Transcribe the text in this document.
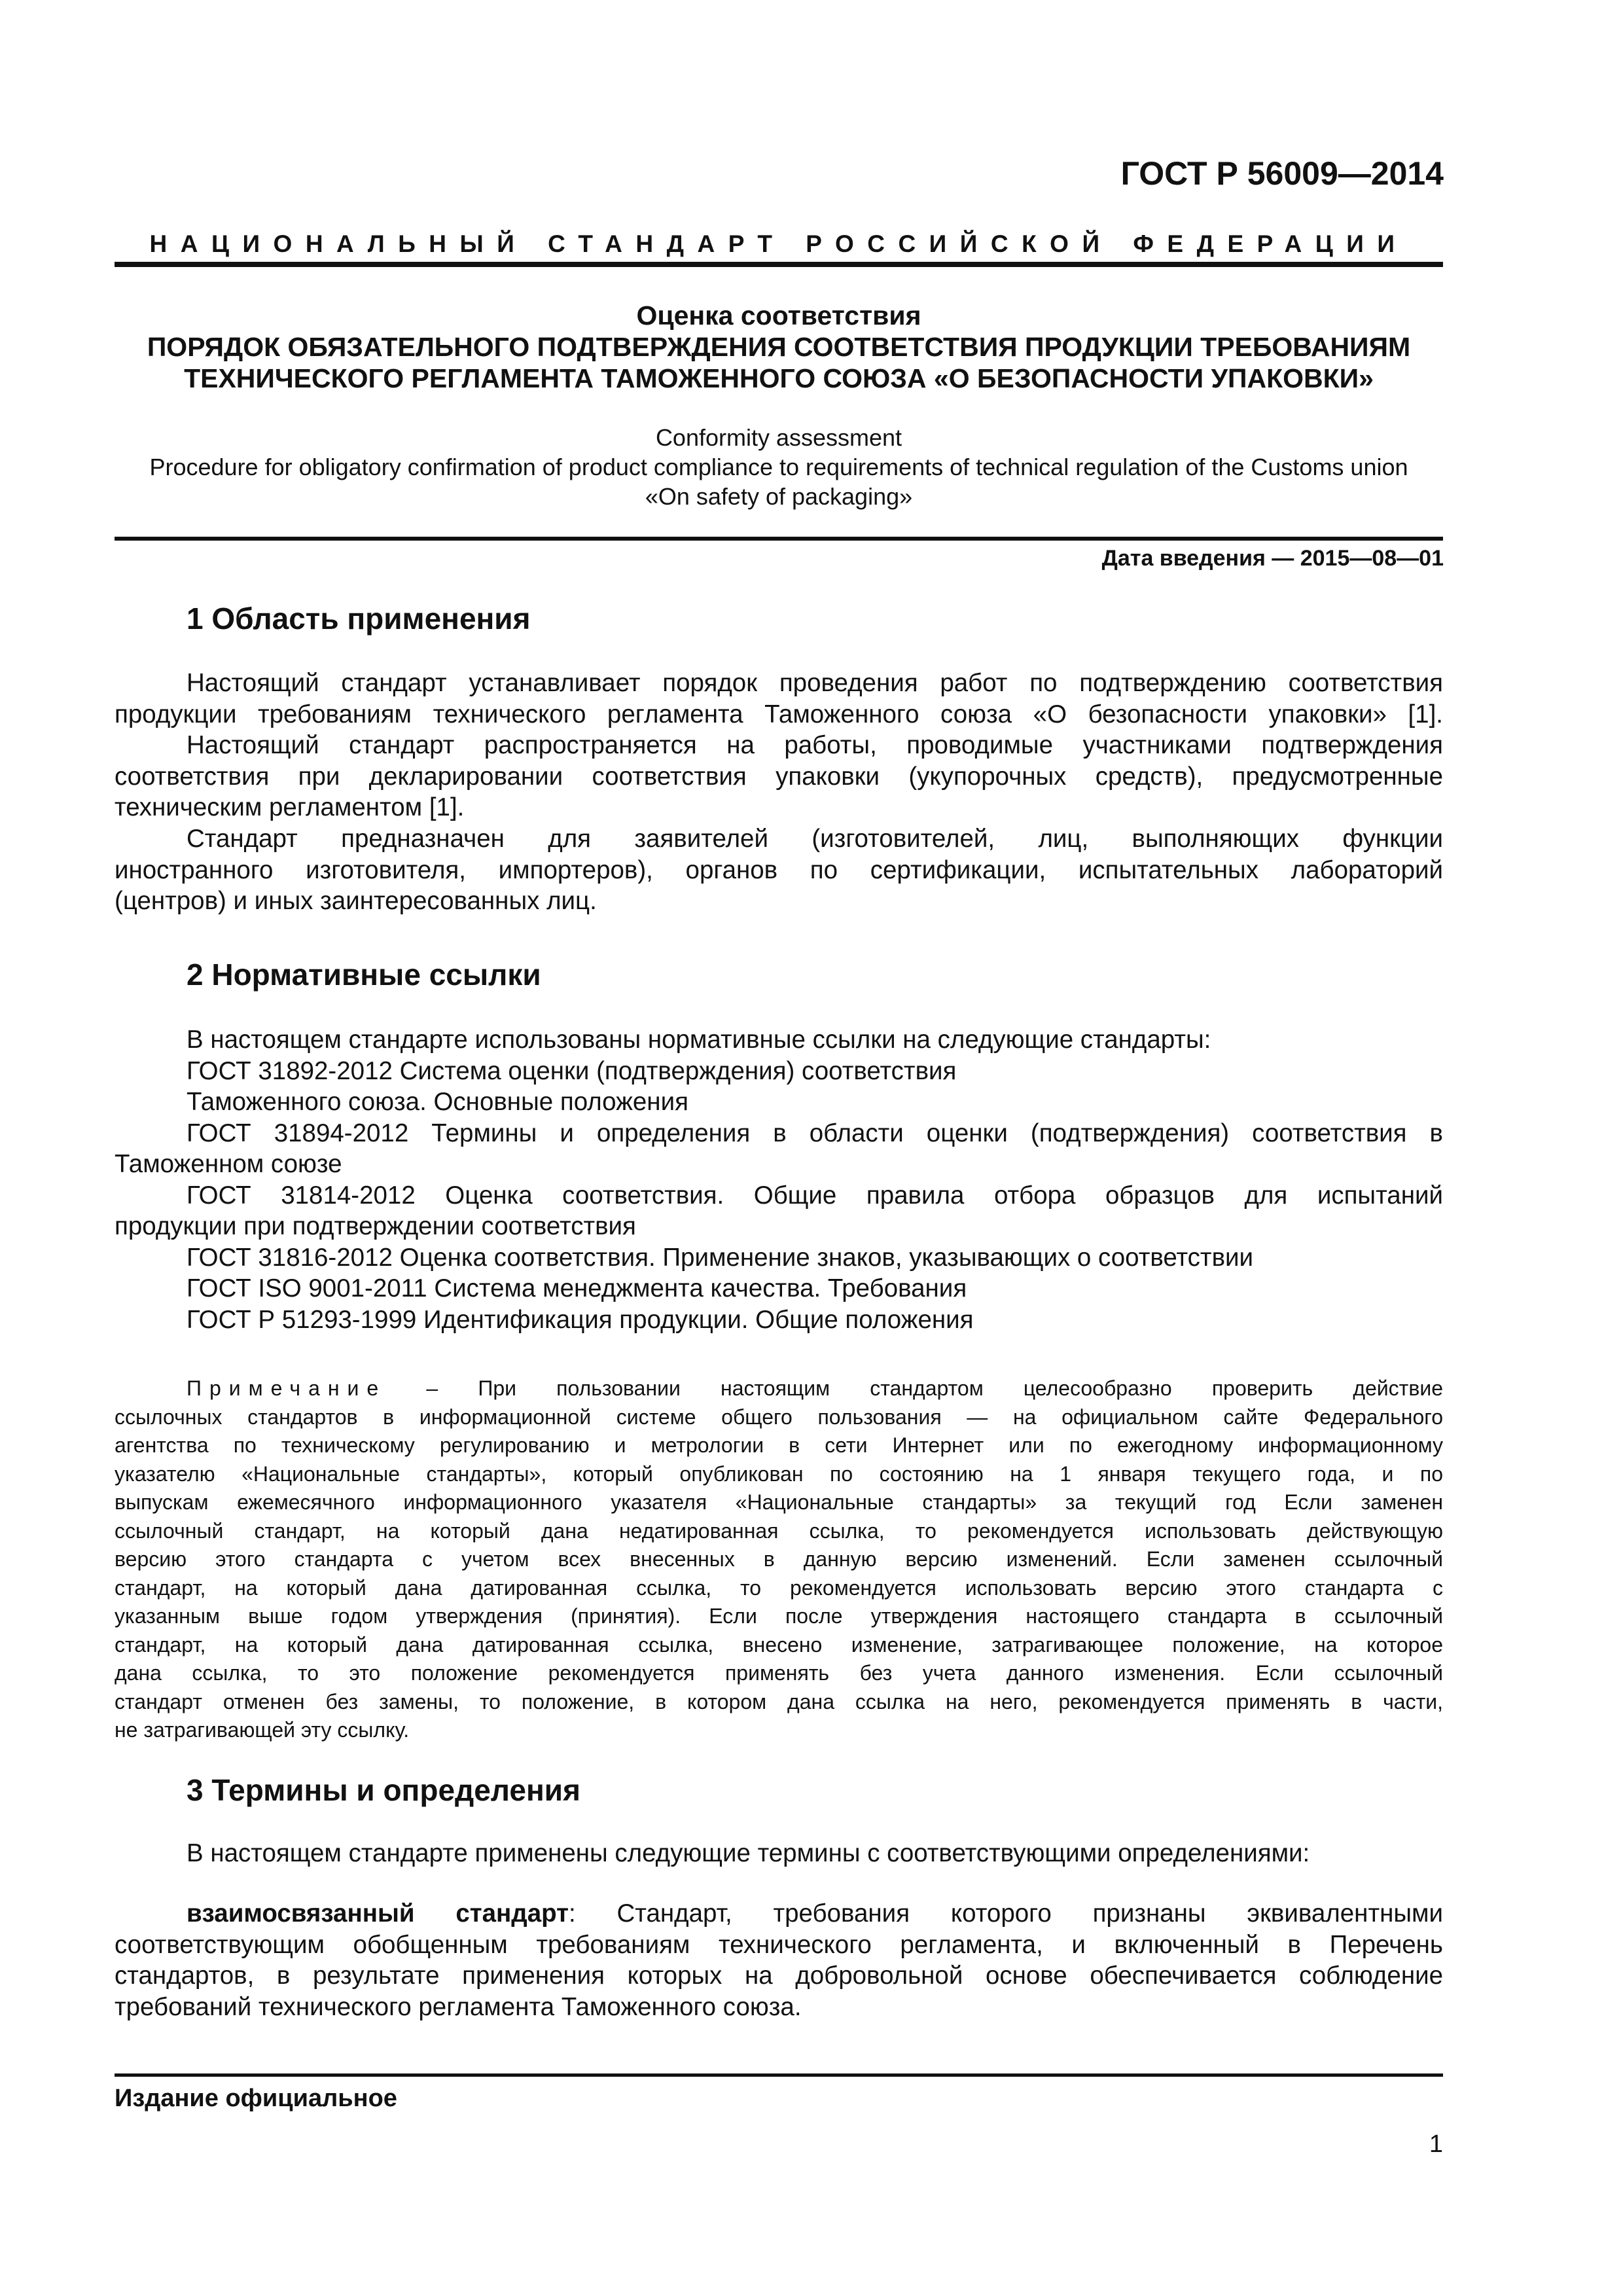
ГОСТ Р 56009—2014
НАЦИОНАЛЬНЫЙ СТАНДАРТ РОССИЙСКОЙ ФЕДЕРАЦИИ
Оценка соответствия
ПОРЯДОК ОБЯЗАТЕЛЬНОГО ПОДТВЕРЖДЕНИЯ СООТВЕТСТВИЯ ПРОДУКЦИИ ТРЕБОВАНИЯМ
ТЕХНИЧЕСКОГО РЕГЛАМЕНТА ТАМОЖЕННОГО СОЮЗА «О БЕЗОПАСНОСТИ УПАКОВКИ»
Conformity assessment
Procedure for obligatory confirmation of product compliance to requirements of technical regulation of the Customs union
«On safety of packaging»
Дата введения — 2015—08—01
1 Область применения
Настоящий стандарт устанавливает порядок проведения работ по подтверждению соответствия
продукции требованиям технического регламента Таможенного союза «О безопасности упаковки» [1].
Настоящий стандарт распространяется на работы, проводимые участниками подтверждения
соответствия при декларировании соответствия упаковки (укупорочных средств), предусмотренные
техническим регламентом [1].
Стандарт предназначен для заявителей (изготовителей, лиц, выполняющих функции
иностранного изготовителя, импортеров), органов по сертификации, испытательных лабораторий
(центров) и иных заинтересованных лиц.
2 Нормативные ссылки
В настоящем стандарте использованы нормативные ссылки на следующие стандарты:
ГОСТ 31892-2012 Система оценки (подтверждения) соответствия
Таможенного союза. Основные положения
ГОСТ 31894-2012 Термины и определения в области оценки (подтверждения) соответствия в
Таможенном союзе
ГОСТ 31814-2012 Оценка соответствия. Общие правила отбора образцов для испытаний
продукции при подтверждении соответствия
ГОСТ 31816-2012 Оценка соответствия. Применение знаков, указывающих о соответствии
ГОСТ ISO 9001-2011 Система менеджмента качества. Требования
ГОСТ Р 51293-1999 Идентификация продукции. Общие положения
Примечание – При пользовании настоящим стандартом целесообразно проверить действие
ссылочных стандартов в информационной системе общего пользования — на официальном сайте Федерального
агентства по техническому регулированию и метрологии в сети Интернет или по ежегодному информационному
указателю «Национальные стандарты», который опубликован по состоянию на 1 января текущего года, и по
выпускам ежемесячного информационного указателя «Национальные стандарты» за текущий год Если заменен
ссылочный стандарт, на который дана недатированная ссылка, то рекомендуется использовать действующую
версию этого стандарта с учетом всех внесенных в данную версию изменений. Если заменен ссылочный
стандарт, на который дана датированная ссылка, то рекомендуется использовать версию этого стандарта с
указанным выше годом утверждения (принятия). Если после утверждения настоящего стандарта в ссылочный
стандарт, на который дана датированная ссылка, внесено изменение, затрагивающее положение, на которое
дана ссылка, то это положение рекомендуется применять без учета данного изменения. Если ссылочный
стандарт отменен без замены, то положение, в котором дана ссылка на него, рекомендуется применять в части,
не затрагивающей эту ссылку.
3 Термины и определения
В настоящем стандарте применены следующие термины с соответствующими определениями:
взаимосвязанный стандарт: Стандарт, требования которого признаны эквивалентными
соответствующим обобщенным требованиям технического регламента, и включенный в Перечень
стандартов, в результате применения которых на добровольной основе обеспечивается соблюдение
требований технического регламента Таможенного союза.
Издание официальное
1
